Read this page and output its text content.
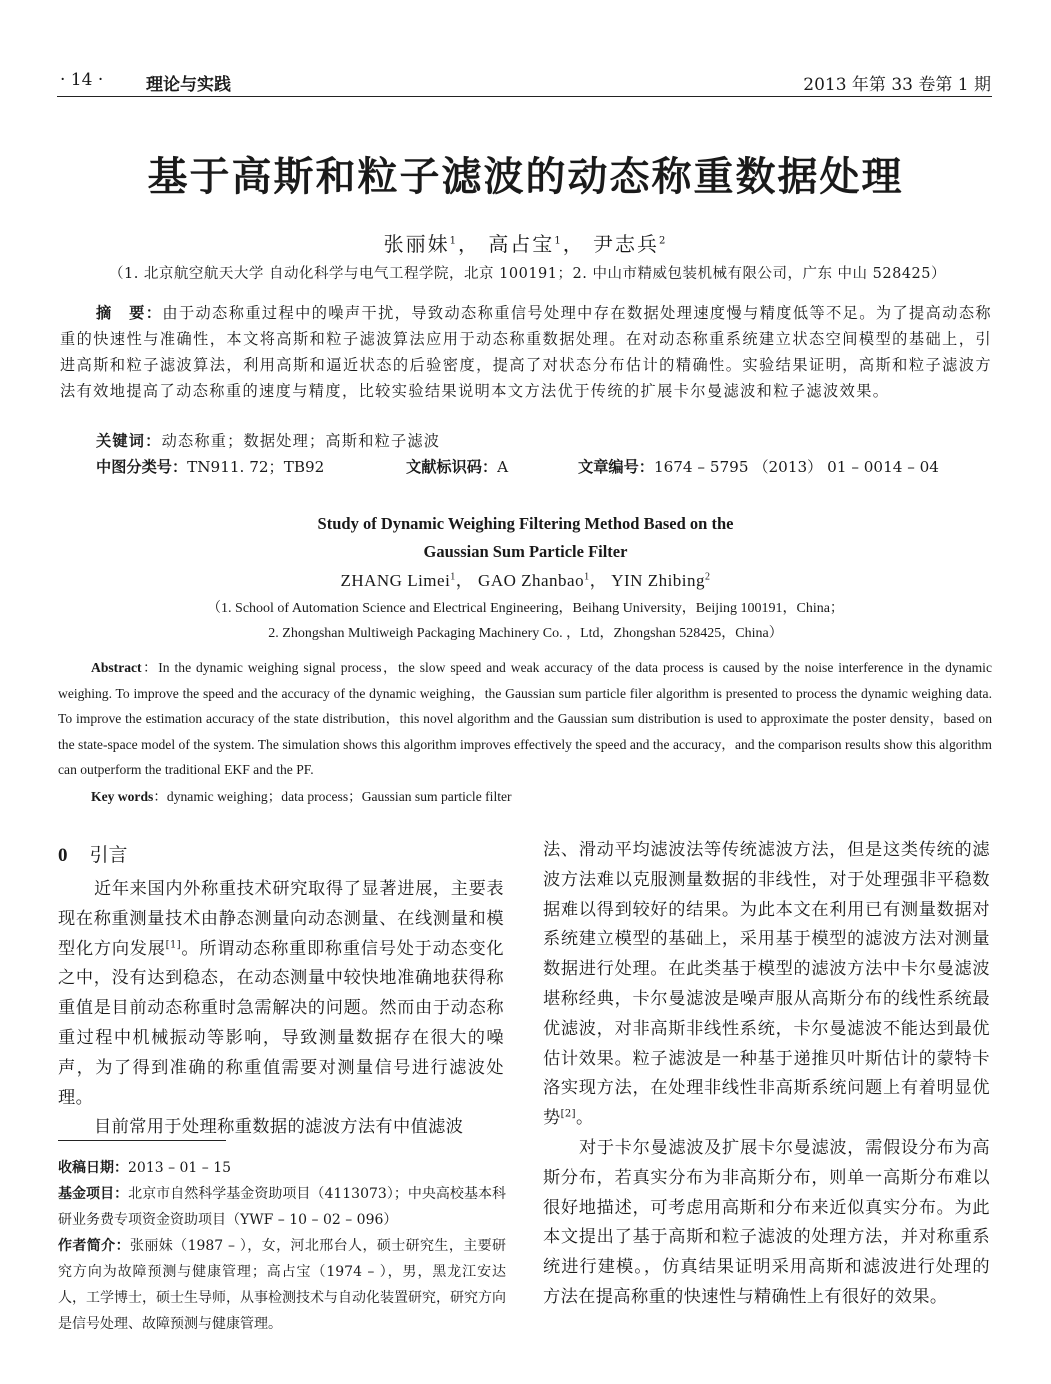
· 14 ·	理论与实践	2013 年第 33 卷第 1 期
基于高斯和粒子滤波的动态称重数据处理
张丽妹$^1$， 高占宝$^1$， 尹志兵$^2$
（1. 北京航空航天大学 自动化科学与电气工程学院，北京 100191；2. 中山市精威包装机械有限公司，广东 中山 528425）
摘　要：由于动态称重过程中的噪声干扰，导致动态称重信号处理中存在数据处理速度慢与精度低等不足。为了提高动态称重的快速性与准确性，本文将高斯和粒子滤波算法应用于动态称重数据处理。在对动态称重系统建立状态空间模型的基础上，引进高斯和粒子滤波算法，利用高斯和逼近状态的后验密度，提高了对状态分布估计的精确性。实验结果证明，高斯和粒子滤波方法有效地提高了动态称重的速度与精度，比较实验结果说明本文方法优于传统的扩展卡尔曼滤波和粒子滤波效果。
关键词：动态称重；数据处理；高斯和粒子滤波
中图分类号：TN911. 72；TB92	文献标识码：A	文章编号：1674 – 5795 （2013） 01 – 0014 – 04
Study of Dynamic Weighing Filtering Method Based on the
Gaussian Sum Particle Filter
ZHANG Limei$^1$， GAO Zhanbao$^1$， YIN Zhibing$^2$
（1. School of Automation Science and Electrical Engineering，Beihang University，Beijing 100191，China；
2. Zhongshan Multiweigh Packaging Machinery Co. ，Ltd，Zhongshan 528425，China）
Abstract：In the dynamic weighing signal process，the slow speed and weak accuracy of the data process is caused by the noise interference in the dynamic weighing. To improve the speed and the accuracy of the dynamic weighing，the Gaussian sum particle filer algorithm is presented to process the dynamic weighing data. To improve the estimation accuracy of the state distribution，this novel algorithm and the Gaussian sum distribution is used to approximate the poster density，based on the state-space model of the system. The simulation shows this algorithm improves effectively the speed and the accuracy，and the comparison results show this algorithm can outperform the traditional EKF and the PF.
Key words：dynamic weighing；data process；Gaussian sum particle filter
0 引言

近年来国内外称重技术研究取得了显著进展，主要表现在称重测量技术由静态测量向动态测量、在线测量和模型化方向发展[1]。所谓动态称重即称重信号处于动态变化之中，没有达到稳态，在动态测量中较快地准确地获得称重值是目前动态称重时急需解决的问题。然而由于动态称重过程中机械振动等影响，导致测量数据存在很大的噪声，为了得到准确的称重值需要对测量信号进行滤波处理。

目前常用于处理称重数据的滤波方法有中值滤波

法、滑动平均滤波法等传统滤波方法，但是这类传统的滤波方法难以克服测量数据的非线性，对于处理强非平稳数据难以得到较好的结果。为此本文在利用已有测量数据对系统建立模型的基础上，采用基于模型的滤波方法对测量数据进行处理。在此类基于模型的滤波方法中卡尔曼滤波堪称经典，卡尔曼滤波是噪声服从高斯分布的线性系统最优滤波，对非高斯非线性系统，卡尔曼滤波不能达到最优估计效果。粒子滤波是一种基于递推贝叶斯估计的蒙特卡洛实现方法，在处理非线性非高斯系统问题上有着明显优势[2]。

对于卡尔曼滤波及扩展卡尔曼滤波，需假设分布为高斯分布，若真实分布为非高斯分布，则单一高斯分布难以很好地描述，可考虑用高斯和分布来近似真实分布。为此本文提出了基于高斯和粒子滤波的处理方法，并对称重系统进行建模。，仿真结果证明采用高斯和滤波进行处理的方法在提高称重的快速性与精确性上有很好的效果。

收稿日期：2013 – 01 – 15

基金项目：北京市自然科学基金资助项目（4113073）；中央高校基本科研业务费专项资金资助项目（YWF – 10 – 02 – 096）

作者简介：张丽妹（1987 – ），女，河北邢台人，硕士研究生，主要研究方向为故障预测与健康管理；高占宝（1974 – ），男，黑龙江安达人，工学博士，硕士生导师，从事检测技术与自动化装置研究，研究方向是信号处理、故障预测与健康管理。
